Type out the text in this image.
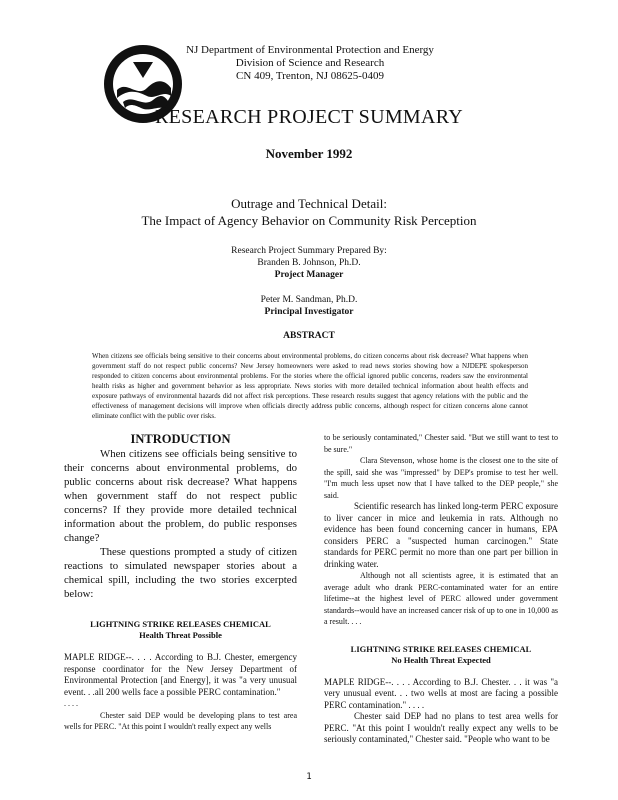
NJ Department of Environmental Protection and Energy
Division of Science and Research
CN 409, Trenton, NJ 08625-0409
RESEARCH PROJECT SUMMARY
November 1992
Outrage and Technical Detail:
The Impact of Agency Behavior on Community Risk Perception
Research Project Summary Prepared By:
Branden B. Johnson, Ph.D.
Project Manager
Peter M. Sandman, Ph.D.
Principal Investigator
ABSTRACT
When citizens see officials being sensitive to their concerns about environmental problems, do citizen concerns about risk decrease? What happens when government staff do not respect public concerns? New Jersey homeowners were asked to read news stories showing how a NJDEPE spokesperson responded to citizen concerns about environmental problems. For the stories where the official ignored public concerns, readers saw the environmental health risks as higher and government behavior as less appropriate. News stories with more detailed technical information about health effects and exposure pathways of environmental hazards did not affect risk perceptions. These research results suggest that agency relations with the public and the effectiveness of management decisions will improve when officials directly address public concerns, although respect for citizen concerns alone cannot eliminate conflict with the public over risks.

INTRODUCTION

When citizens see officials being sensitive to their concerns about environmental problems, do public concerns about risk decrease? What happens when government staff do not respect public concerns? If they provide more detailed technical information about the problem, do public responses change?

These questions prompted a study of citizen reactions to simulated newspaper stories about a chemical spill, including the two stories excerpted below:

LIGHTNING STRIKE RELEASES CHEMICAL

Health Threat Possible

MAPLE RIDGE--. . . . According to B.J. Chester, emergency response coordinator for the New Jersey Department of Environmental Protection [and Energy], it was "a very unusual event. . .all 200 wells face a possible PERC contamination."

. . . .

Chester said DEP would be developing plans to test area wells for PERC. "At this point I wouldn't really expect any wells

to be seriously contaminated," Chester said. "But we still want to test to be sure."

Clara Stevenson, whose home is the closest one to the site of the spill, said she was "impressed" by DEP's promise to test her well. "I'm much less upset now that I have talked to the DEP people," she said.

Scientific research has linked long-term PERC exposure to liver cancer in mice and leukemia in rats. Although no evidence has been found concerning cancer in humans, EPA considers PERC a "suspected human carcinogen." State standards for PERC permit no more than one part per billion in drinking water.

Although not all scientists agree, it is estimated that an average adult who drank PERC-contaminated water for an entire lifetime--at the highest level of PERC allowed under government standards--would have an increased cancer risk of up to one in 10,000 as a result. . . .

LIGHTNING STRIKE RELEASES CHEMICAL

No Health Threat Expected

MAPLE RIDGE--. . . . According to B.J. Chester. . . it was "a very unusual event. . . two wells at most are facing a possible PERC contamination." . . . .

Chester said DEP had no plans to test area wells for PERC. "At this point I wouldn't really expect any wells to be seriously contaminated," Chester said. "People who want to be

1
